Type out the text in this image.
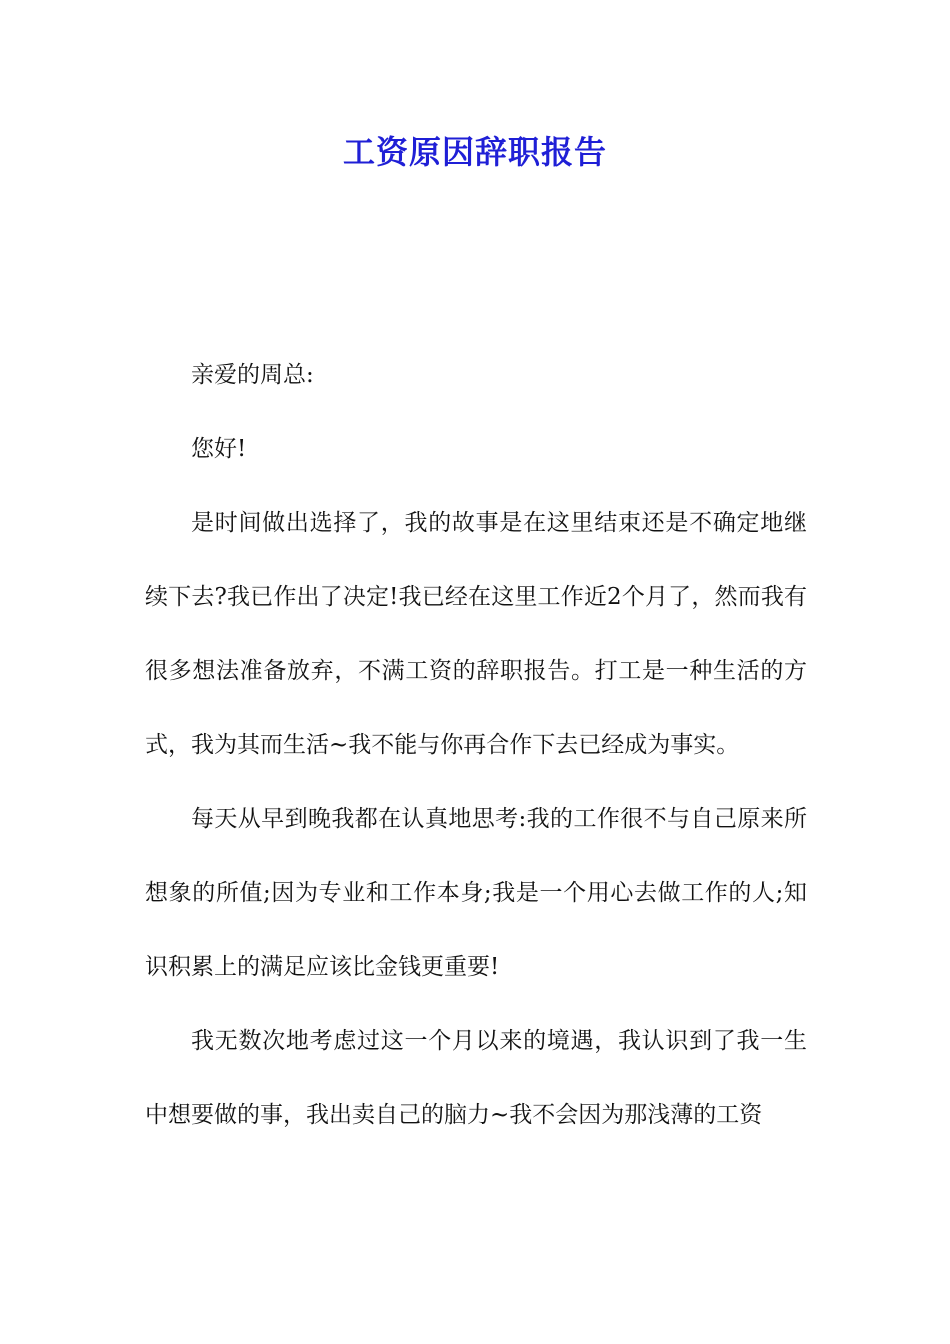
工资原因辞职报告

亲爱的周总:

您好!

是时间做出选择了，我的故事是在这里结束还是不确定地继续下去?我已作出了决定!我已经在这里工作近2个月了，然而我有很多想法准备放弃，不满工资的辞职报告。打工是一种生活的方式，我为其而生活~我不能与你再合作下去已经成为事实。

每天从早到晚我都在认真地思考:我的工作很不与自己原来所想象的所值;因为专业和工作本身;我是一个用心去做工作的人;知识积累上的满足应该比金钱更重要!

我无数次地考虑过这一个月以来的境遇，我认识到了我一生中想要做的事，我出卖自己的脑力~我不会因为那浅薄的工资
